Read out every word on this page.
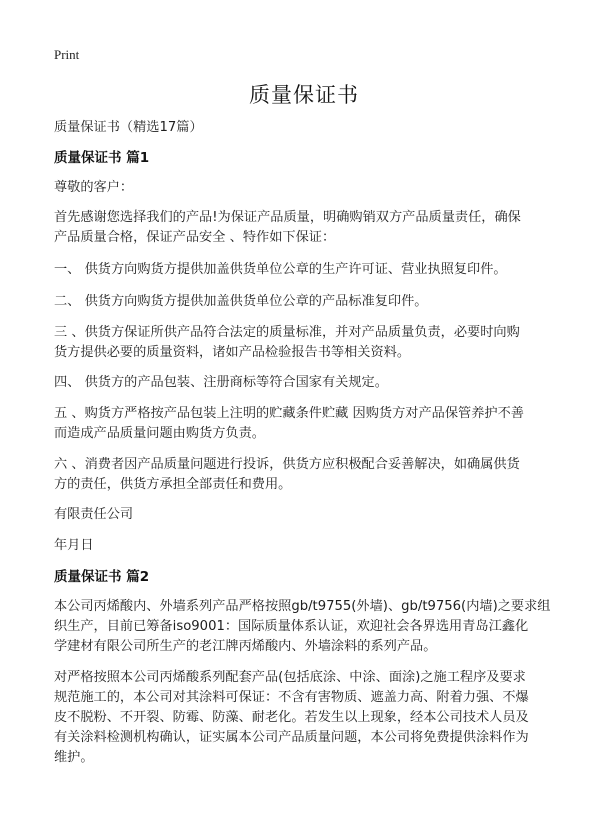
Print
质量保证书
质量保证书（精选17篇）
质量保证书 篇1
尊敬的客户：
首先感谢您选择我们的产品!为保证产品质量，明确购销双方产品质量责任，确保
产品质量合格，保证产品安全 、特作如下保证：
一、 供货方向购货方提供加盖供货单位公章的生产许可证、营业执照复印件。
二、 供货方向购货方提供加盖供货单位公章的产品标准复印件。
三 、供货方保证所供产品符合法定的质量标准，并对产品质量负责，必要时向购
货方提供必要的质量资料，诸如产品检验报告书等相关资料。
四、 供货方的产品包装、注册商标等符合国家有关规定。
五 、购货方严格按产品包装上注明的贮藏条件贮藏 因购货方对产品保管养护不善
而造成产品质量问题由购货方负责。
六 、消费者因产品质量问题进行投诉，供货方应积极配合妥善解决，如确属供货
方的责任，供货方承担全部责任和费用。
有限责任公司
年月日
质量保证书 篇2
本公司丙烯酸内、外墙系列产品严格按照gb/t9755(外墙)、gb/t9756(内墙)之要求组
织生产，目前已筹备iso9001：国际质量体系认证，欢迎社会各界选用青岛江鑫化
学建材有限公司所生产的老江牌丙烯酸内、外墙涂料的系列产品。
对严格按照本公司丙烯酸系列配套产品(包括底涂、中涂、面涂)之施工程序及要求
规范施工的，本公司对其涂料可保证：不含有害物质、遮盖力高、附着力强、不爆
皮不脱粉、不开裂、防霉、防藻、耐老化。若发生以上现象，经本公司技术人员及
有关涂料检测机构确认，证实属本公司产品质量问题，本公司将免费提供涂料作为
维护。
